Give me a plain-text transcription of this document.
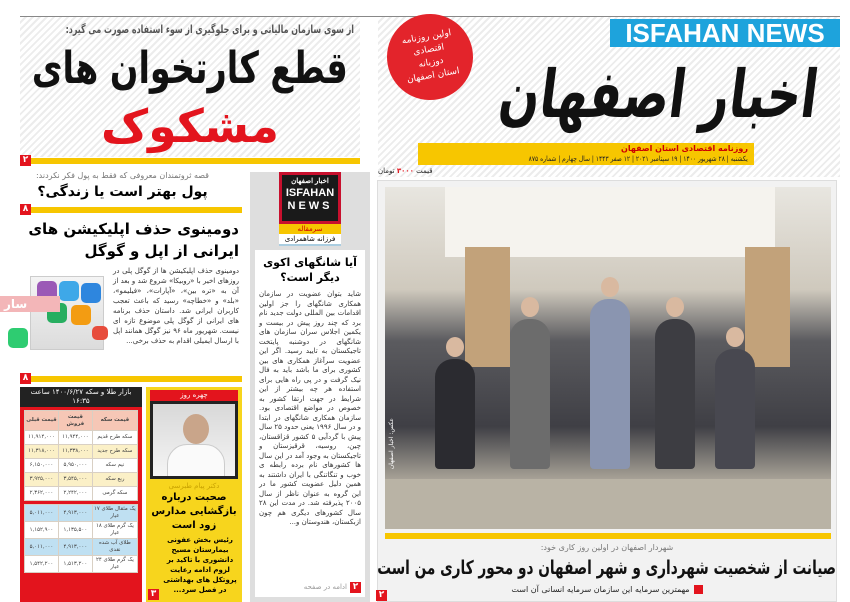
از سوی سازمان مالیاتی و برای جلوگیری از سوء استفاده صورت می گیرد:
قطع کارتخوان های
مشکوک
۲
ISFAHAN NEWS
اخبار اصفهان
اولین روزنامه
اقتصادی
دوزبانه
استان اصفهان
روزنامه اقتصادی استان اصفهان
یکشنبه | ۲۸ شهریور ۱۴۰۰ | ۱۹ سپتامبر ۲۰۲۱ | ۱۲ صفر ۱۴۴۳ | سال چهارم | شماره ۸۷۵
قیمت ۳۰۰۰ تومان
عکس: اخبار اصفهان
شهردار اصفهان در اولین روز کاری خود:
صیانت از شخصیت شهرداری و شهر اصفهان دو محور کاری من است
مهمترین سرمایه این سازمان سرمایه انسانی آن است
۲
اخبار اصفهان
ISFAHAN
NEWS
سرمقاله
فرزانه شاهمرادی
آیا شانگهای اکوی دیگر است؟
شاید بتوان عضویت در سازمان همکاری شانگهای را جز اولین اقدامات بین المللی دولت جدید نام برد که چند روز پیش در بیست و یکمین اجلاس سران سازمان های شانگهای در دوشنبه پایتخت تاجیکستان به تایید رسید. اگر این عضویت سرآغاز همکاری های بین کشوری برای ما باشد باید به فال نیک گرفت و در پی راه هایی برای استفاده هر چه بیشتر از این شرایط در جهت ارتقا کشور به خصوص در مواضع اقتصادی بود. سازمان همکاری شانگهای در ابتدا و در سال ۱۹۹۶ یعنی حدود ۲۵ سال پیش با گردآیی ۵ کشور قزاقستان، چین، روسیه، قرقیزستان و تاجیکستان به وجود آمد در این سال ها کشورهای نام برده رابطه ی خوب و تنگاتنگی با ایران داشتند به همین دلیل عضویت کشور ما در این گروه به عنوان ناظر از سال ۲۰۰۵ پذیرفته شد. در مدت این ۲۸ سال کشورهای دیگری هم چون ازبکستان، هندوستان و...
۲
ادامه در صفحه
قصه ثروتمندان معروفی که فقط به پول فکر نکردند:
پول بهتر است یا زندگی؟
۸
دومینوی حذف اپلیکیشن های ایرانی از اپل و گوگل
دومینوی حذف اپلیکیشن ها از گوگل پلی در روزهای اخیر با «روبیکا» شروع شد و بعد از آن به «تره بین»، «آپارات»، «فیلیمو»، «بلد» و «خطاچه» رسید که باعث تعجب کاربران ایرانی شد. داستان حذف برنامه های ایرانی از گوگل پلی موضوع تازه ای نیست. شهریور ماه ۹۶ نیز گوگل همانند اپل با ارسال ایمیلی اقدام به حذف برخی...
سار
۸
بازار طلا و سکه ۱۴۰۰/۶/۲۷ ساعت ۱۶:۳۵
قیمت سکه	قیمت فروش	قیمت قبلی
سکه طرح قدیم	۱۱,۹۴۴,۰۰۰	۱۱,۹۱۴,۰۰۰
سکه طرح جدید	۱۱,۳۳۸,۰۰۰	۱۱,۳۱۸,۰۰۰
نیم سکه	۵,۹۵۰,۰۰۰	۶,۱۵۰,۰۰۰
ربع سکه	۳,۵۴۵,۰۰۰	۳,۹۲۵,۰۰۰
سکه گرمی	۲,۲۴۲,۰۰۰	۲,۳۶۲,۰۰۰

یک مثقال طلای ۱۷ عیار	۴,۹۱۳,۰۰۰	۵,۰۱۱,۰۰۰
یک گرم طلای ۱۸ عیار	۱,۱۳۵,۵۰۰	۱,۱۵۲,۹۰۰
طلای آب شده نقدی	۴,۹۱۳,۰۰۰	۵,۰۱۱,۰۰۰
یک گرم طلای ۲۴ عیار	۱,۵۱۳,۲۰۰	۱,۵۴۲,۲۰۰
چهره روز
دکتر پیام طبرسی
صحبت درباره بازگشایی مدارس زود است
رئیس بخش عفونی بیمارستان مسیح دانشوری با تاکید بر لزوم ادامه رعایت پروتکل های بهداشتی در فصل سرد...
۳
